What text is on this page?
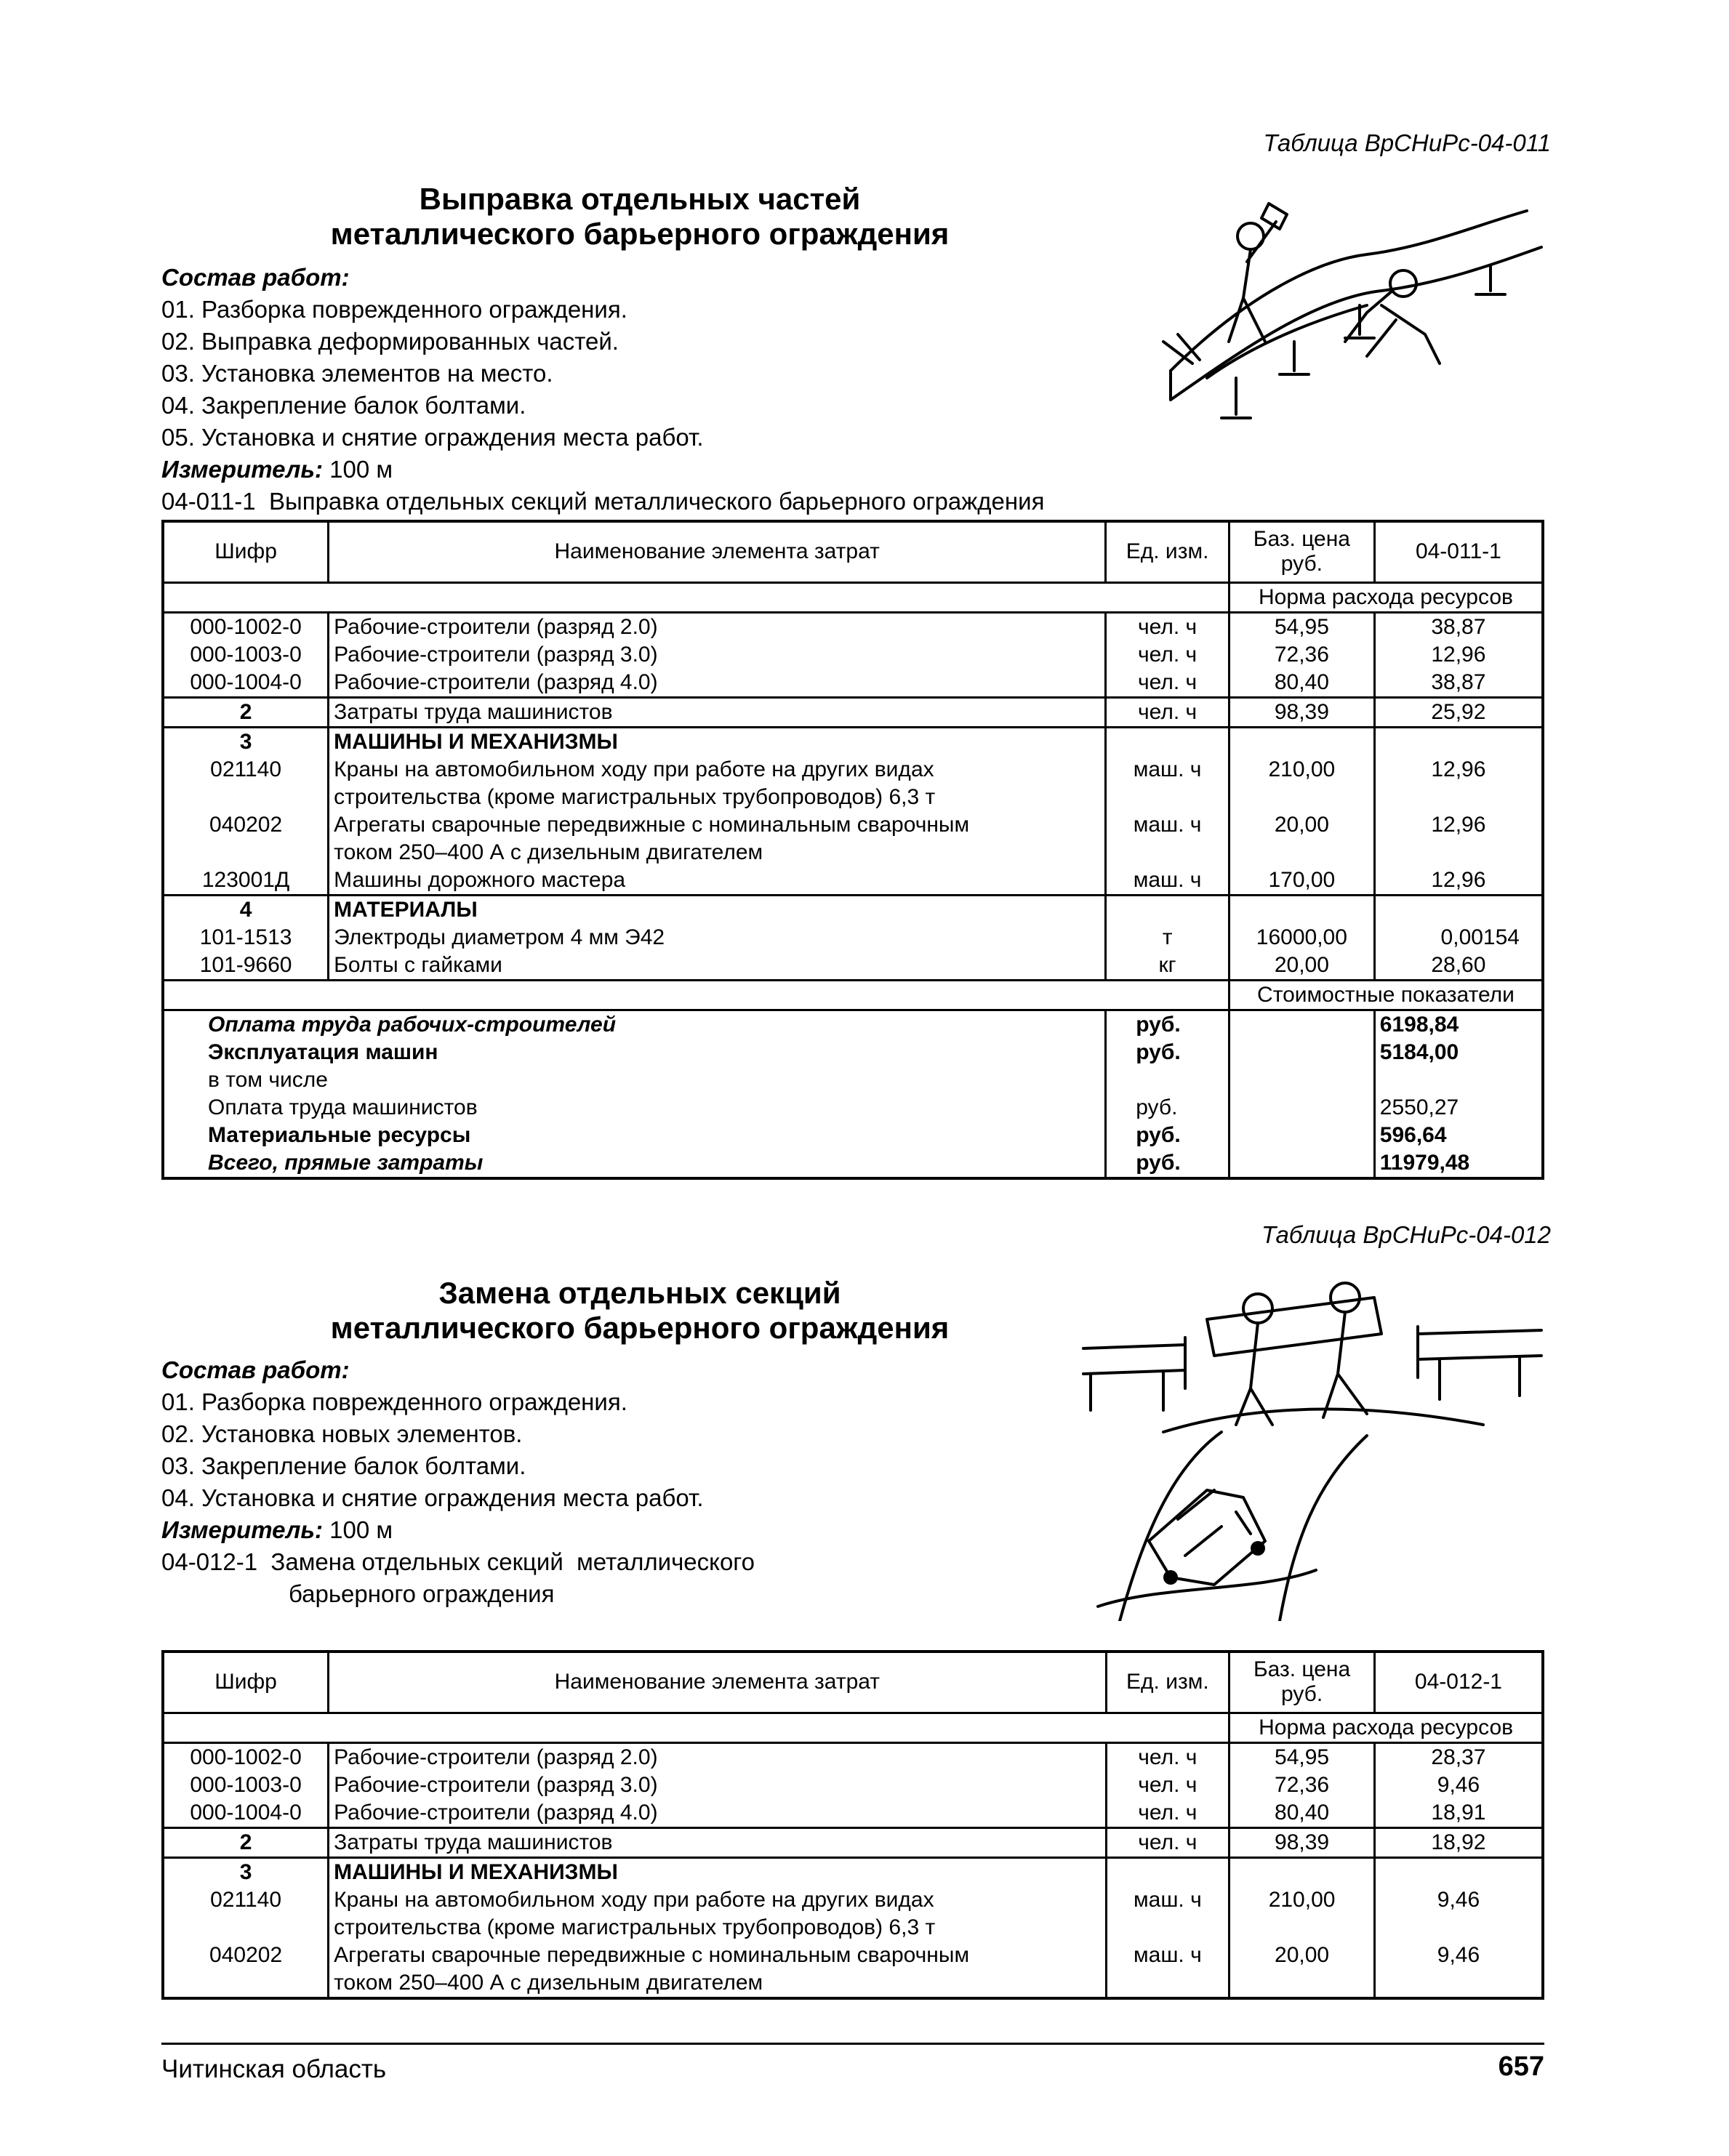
Таблица ВрСНиРс-04-011
Выправка отдельных частей
металлического барьерного ограждения
Состав работ:
01. Разборка поврежденного ограждения.
02. Выправка деформированных частей.
03. Установка элементов на место.
04. Закрепление балок болтами.
05. Установка и снятие ограждения места работ.
Измеритель: 100 м
04-011-1  Выправка отдельных секций металлического барьерного ограждения
Шифр	Наименование элемента затрат	Ед. изм.	Баз. цена руб.	04-011-1
			Норма расхода ресурсов	
000-1002-0	Рабочие-строители (разряд 2.0)	чел. ч	54,95	38,87
000-1003-0	Рабочие-строители (разряд 3.0)	чел. ч	72,36	12,96
000-1004-0	Рабочие-строители (разряд 4.0)	чел. ч	80,40	38,87
2	Затраты труда машинистов	чел. ч	98,39	25,92
3	МАШИНЫ И МЕХАНИЗМЫ			
021140	Краны на автомобильном ходу при работе на других видах
строительства (кроме магистральных трубопроводов) 6,3 т	маш. ч	210,00	12,96
040202	Агрегаты сварочные передвижные с номинальным сварочным
током 250–400 А с дизельным двигателем	маш. ч	20,00	12,96
123001Д	Машины дорожного мастера	маш. ч	170,00	12,96
4	МАТЕРИАЛЫ			
101-1513	Электроды диаметром 4 мм Э42	т	16000,00	0,00154
101-9660	Болты с гайками	кг	20,00	28,60
			Стоимостные показатели	
Оплата труда рабочих-строителей		руб.		6198,84
Эксплуатация машин		руб.		5184,00
в том числе				
Оплата труда машинистов		руб.		2550,27
Материальные ресурсы		руб.		596,64
Всего, прямые затраты		руб.		11979,48
Таблица ВрСНиРс-04-012
Замена отдельных секций
металлического барьерного ограждения
Состав работ:
01. Разборка поврежденного ограждения.
02. Установка новых элементов.
03. Закрепление балок болтами.
04. Установка и снятие ограждения места работ.
Измеритель: 100 м
04-012-1  Замена отдельных секций  металлического
барьерного ограждения
Шифр	Наименование элемента затрат	Ед. изм.	Баз. цена руб.	04-012-1
			Норма расхода ресурсов	
000-1002-0	Рабочие-строители (разряд 2.0)	чел. ч	54,95	28,37
000-1003-0	Рабочие-строители (разряд 3.0)	чел. ч	72,36	9,46
000-1004-0	Рабочие-строители (разряд 4.0)	чел. ч	80,40	18,91
2	Затраты труда машинистов	чел. ч	98,39	18,92
3	МАШИНЫ И МЕХАНИЗМЫ			
021140	Краны на автомобильном ходу при работе на других видах
строительства (кроме магистральных трубопроводов) 6,3 т	маш. ч	210,00	9,46
040202	Агрегаты сварочные передвижные с номинальным сварочным
током 250–400 А с дизельным двигателем	маш. ч	20,00	9,46
Читинская область	657
